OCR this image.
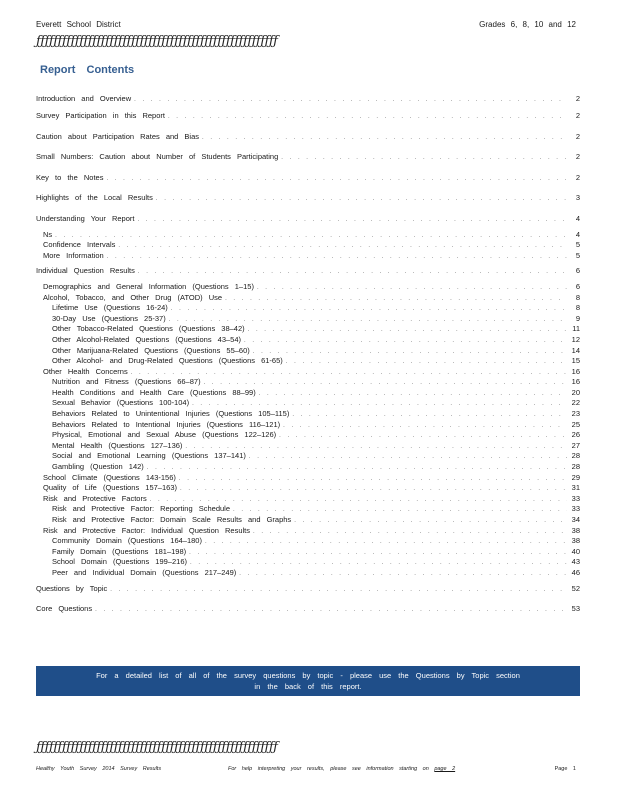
Everett School District	Grades 6, 8, 10 and 12
ƒƒƒƒƒƒƒƒƒƒƒƒƒƒƒƒƒƒƒƒƒƒƒƒƒƒƒƒƒƒƒƒƒƒƒƒƒƒƒƒƒƒƒƒƒƒƒƒƒƒƒƒƒƒƒƒ
Report Contents
Introduction and Overview . . .	2
Survey Participation in this Report . . .	2
Caution about Participation Rates and Bias . . .	2
Small Numbers: Caution about Number of Students Participating . . .	2
Key to the Notes . . .	2
Highlights of the Local Results . . .	3
Understanding Your Report . . .	4
Ns . . .	4
Confidence Intervals . . .	5
More Information . . .	5
Individual Question Results . . .	6
Demographics and General Information (Questions 1–15) . . .	6
Alcohol, Tobacco, and Other Drug (ATOD) Use . . .	8
Lifetime Use (Questions 16-24) . . .	8
30-Day Use (Questions 25-37) . . .	9
Other Tobacco-Related Questions (Questions 38–42) . . .	11
Other Alcohol-Related Questions (Questions 43–54) . . .	12
Other Marijuana-Related Questions (Questions 55–60) . . .	14
Other Alcohol- and Drug-Related Questions (Questions 61-65) . . .	15
Other Health Concerns . . .	16
Nutrition and Fitness (Questions 66–87) . . .	16
Health Conditions and Health Care (Questions 88–99) . . .	20
Sexual Behavior (Questions 100-104) . . .	22
Behaviors Related to Unintentional Injuries (Questions 105–115) . . .	23
Behaviors Related to Intentional Injuries (Questions 116–121) . . .	25
Physical, Emotional and Sexual Abuse (Questions 122–126) . . .	26
Mental Health (Questions 127–136) . . .	27
Social and Emotional Learning (Questions 137–141) . . .	28
Gambling (Question 142) . . .	28
School Climate (Questions 143-156) . . .	29
Quality of Life (Questions 157–163) . . .	31
Risk and Protective Factors . . .	33
Risk and Protective Factor: Reporting Schedule . . .	33
Risk and Protective Factor: Domain Scale Results and Graphs . . .	34
Risk and Protective Factor: Individual Question Results . . .	38
Community Domain (Questions 164–180) . . .	38
Family Domain (Questions 181–198) . . .	40
School Domain (Questions 199–216) . . .	43
Peer and Individual Domain (Questions 217–249) . . .	46
Questions by Topic . . .	52
Core Questions . . .	53
For a detailed list of all of the survey questions by topic - please use the Questions by Topic section
in the back of this report.
ƒƒƒƒƒƒƒƒƒƒƒƒƒƒƒƒƒƒƒƒƒƒƒƒƒƒƒƒƒƒƒƒƒƒƒƒƒƒƒƒƒƒƒƒƒƒƒƒƒƒƒƒƒƒƒƒ
Healthy Youth Survey 2014 Survey Results	For help interpreting your results, please see information starting on page 2	Page 1
